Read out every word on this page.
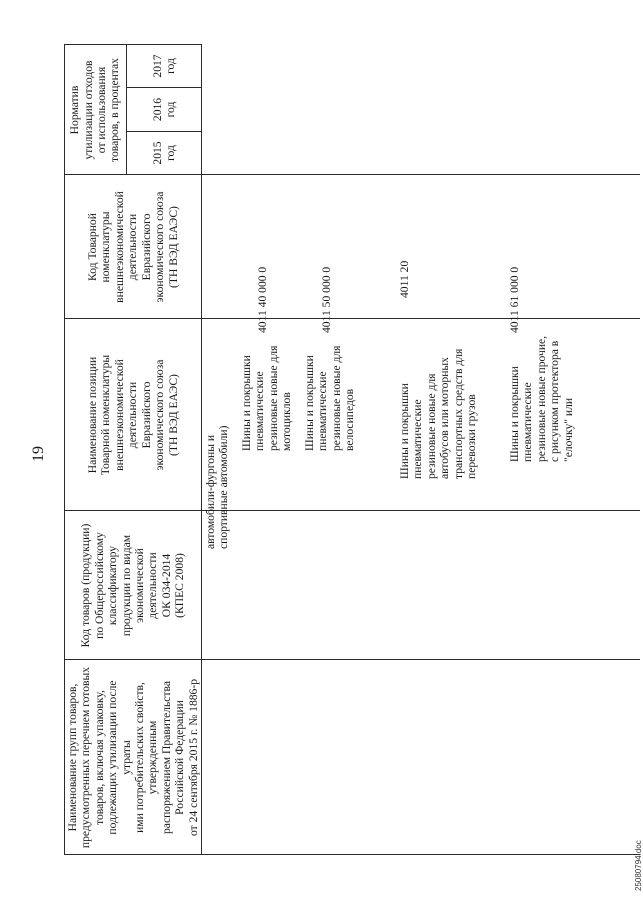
19
Наименование групп товаров, предусмотренных перечнем готовых товаров, включая упаковку, подлежащих утилизации после утраты ими потребительских свойств, утвержденным распоряжением Правительства Российской Федерации от 24 сентября 2015 г. № 1886-р
Код товаров (продукции) по Общероссийскому классификатору продукции по видам экономической деятельности ОК 034-2014 (КПЕС 2008)
Наименование позиции Товарной номенклатуры внешнеэкономической деятельности Евразийского экономического союза (ТН ВЭД ЕАЭС)
Код Товарной номенклатуры внешнеэкономической деятельности Евразийского экономического союза (ТН ВЭД ЕАЭС)
Норматив утилизации отходов от использования товаров, в процентах	2015 год
2016 год
2017 год
автомобили-фургоны и спортивные автомобили)
Шины и покрышки пневматические резиновые новые для мотоциклов
4011 40 000 0
Шины и покрышки пневматические резиновые новые для велосипедов
4011 50 000 0
Шины и покрышки пневматические резиновые новые для автобусов или моторных транспортных средств для перевозки грузов
4011 20
Шины и покрышки пневматические резиновые новые прочие, с рисунком протектора в "елочку" или
4011 61 000 0
25080794.doc
